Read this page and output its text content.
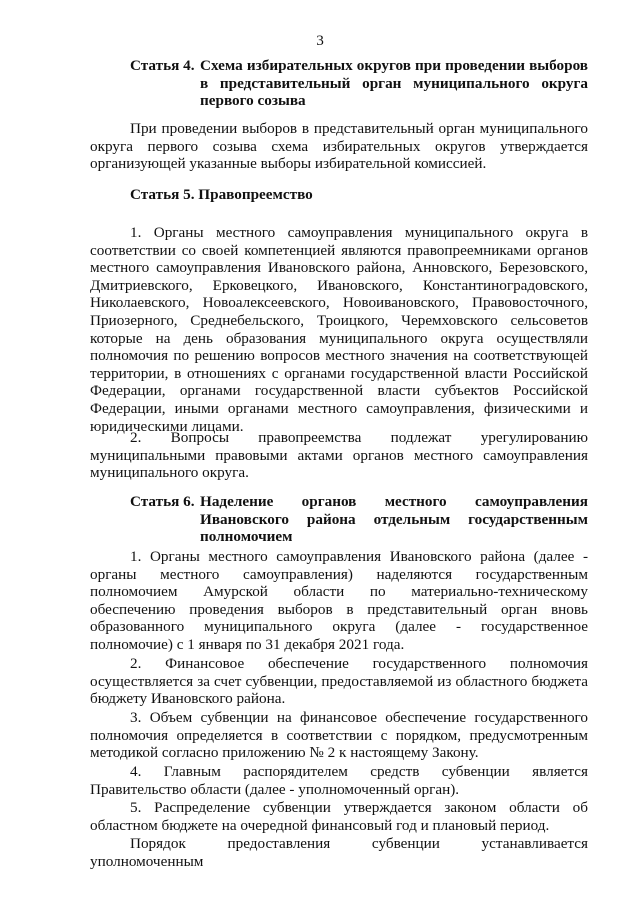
3
Статья 4. Схема избирательных округов при проведении выборов в представительный орган муниципального округа первого созыва

При проведении выборов в представительный орган муниципального округа первого созыва схема избирательных округов утверждается организующей указанные выборы избирательной комиссией.

Статья 5. Правопреемство

1. Органы местного самоуправления муниципального округа в соответствии со своей компетенцией являются правопреемниками органов местного самоуправления Ивановского района, Анновского, Березовского, Дмитриевского, Ерковецкого, Ивановского, Константиноградовского, Николаевского, Новоалексеевского, Новоивановского, Правовосточного, Приозерного, Среднебельского, Троицкого, Черемховского сельсоветов которые на день образования муниципального округа осуществляли полномочия по решению вопросов местного значения на соответствующей территории, в отношениях с органами государственной власти Российской Федерации, органами государственной власти субъектов Российской Федерации, иными органами местного самоуправления, физическими и юридическими лицами.

2. Вопросы правопреемства подлежат урегулированию муниципальными правовыми актами органов местного самоуправления муниципального округа.

Статья 6. Наделение органов местного самоуправления Ивановского района отдельным государственным полномочием

1. Органы местного самоуправления Ивановского района (далее - органы местного самоуправления) наделяются государственным полномочием Амурской области по материально-техническому обеспечению проведения выборов в представительный орган вновь образованного муниципального округа (далее - государственное полномочие) с 1 января по 31 декабря 2021 года.

2. Финансовое обеспечение государственного полномочия осуществляется за счет субвенции, предоставляемой из областного бюджета бюджету Ивановского района.

3. Объем субвенции на финансовое обеспечение государственного полномочия определяется в соответствии с порядком, предусмотренным методикой согласно приложению № 2 к настоящему Закону.

4. Главным распорядителем средств субвенции является Правительство области (далее - уполномоченный орган).

5. Распределение субвенции утверждается законом области об областном бюджете на очередной финансовый год и плановый период.

Порядок предоставления субвенции устанавливается уполномоченным
